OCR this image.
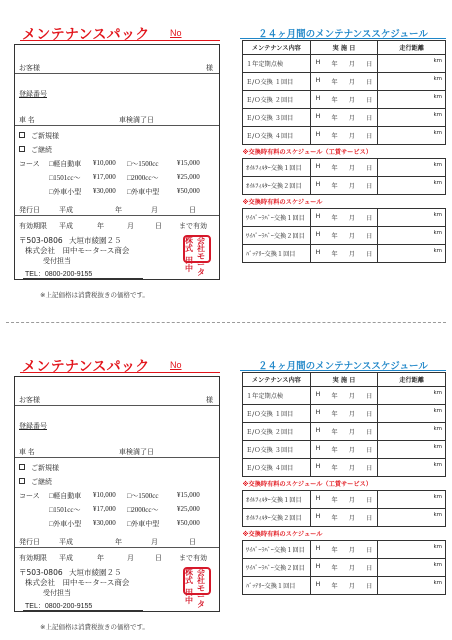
メンテナンスパック No
お客様	様
登録番号
車 名	車検満了日
ご新規様
ご継続
コース □軽自動車 ¥10,000 □～1500cc	¥15,000
□1501cc～ ¥17,000 □2000cc～	¥25,000
□外車小型 ¥30,000 □外車中型	¥50,000
発行日	平成	年	月	日
有効期限 平成	年	月	日 まで有効
〒503-0806 大垣市綾園２５
株式会社　田中モータース商会
受付担当
株式
会社
田中
モータ
TEL：0800-200-9155
※上記価格は消費税抜きの価格です。
２４ヶ月間のメンテナンススケジュール
メンテナンス内容	実 施 日	走行距離
１年定期点検	H 年 月 日	km
Ｅ/Ｏ交換 １回目	H 年 月 日	km
Ｅ/Ｏ交換 ２回目	H 年 月 日	km
Ｅ/Ｏ交換 ３回目	H 年 月 日	km
Ｅ/Ｏ交換 ４回目	H 年 月 日	km
※交換時有料のスケジュール（工賃サービス）		
ｵｲﾙﾌｨﾙﾀｰ交換１回目	H 年 月 日	km
ｵｲﾙﾌｨﾙﾀｰ交換２回目	H 年 月 日	km
※交換時有料のスケジュール		
ﾜｲﾊﾟｰﾗﾊﾞｰ交換１回目	H 年 月 日	km
ﾜｲﾊﾟｰﾗﾊﾞｰ交換２回目	H 年 月 日	km
ﾊﾞｯﾃﾘｰ交換１回目	H 年 月 日	km
メンテナンスパック No
お客様	様
登録番号
車 名	車検満了日
ご新規様
ご継続
コース □軽自動車 ¥10,000 □～1500cc	¥15,000
□1501cc～ ¥17,000 □2000cc～	¥25,000
□外車小型 ¥30,000 □外車中型	¥50,000
発行日	平成	年	月	日
有効期限 平成	年	月	日 まで有効
〒503-0806 大垣市綾園２５
株式会社　田中モータース商会
受付担当
株式
会社
田中
モータ
TEL：0800-200-9155
※上記価格は消費税抜きの価格です。
２４ヶ月間のメンテナンススケジュール
メンテナンス内容	実 施 日	走行距離
１年定期点検	H 年 月 日	km
Ｅ/Ｏ交換 １回目	H 年 月 日	km
Ｅ/Ｏ交換 ２回目	H 年 月 日	km
Ｅ/Ｏ交換 ３回目	H 年 月 日	km
Ｅ/Ｏ交換 ４回目	H 年 月 日	km
※交換時有料のスケジュール（工賃サービス）		
ｵｲﾙﾌｨﾙﾀｰ交換１回目	H 年 月 日	km
ｵｲﾙﾌｨﾙﾀｰ交換２回目	H 年 月 日	km
※交換時有料のスケジュール		
ﾜｲﾊﾟｰﾗﾊﾞｰ交換１回目	H 年 月 日	km
ﾜｲﾊﾟｰﾗﾊﾞｰ交換２回目	H 年 月 日	km
ﾊﾞｯﾃﾘｰ交換１回目	H 年 月 日	km
